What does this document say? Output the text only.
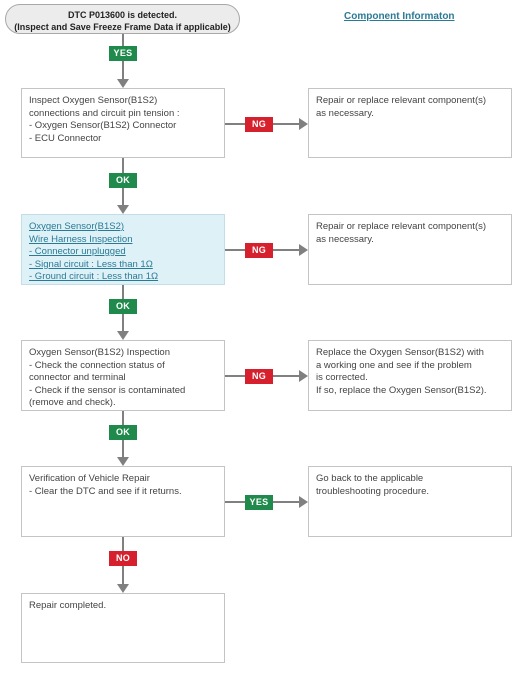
DTC P013600 is detected.
(Inspect and Save Freeze Frame Data if applicable)
Component Informaton
Inspect Oxygen Sensor(B1S2)
connections and circuit pin tension :
- Oxygen Sensor(B1S2) Connector
- ECU Connector
Oxygen Sensor(B1S2)
Wire Harness Inspection
- Connector unplugged
- Signal circuit : Less than 1Ω
- Ground circuit : Less than 1Ω
Oxygen Sensor(B1S2) Inspection
- Check the connection status of
connector and terminal
- Check if the sensor is contaminated
(remove and check).
Verification of Vehicle Repair
- Clear the DTC and see if it returns.
Repair completed.
Repair or replace relevant component(s)
as necessary.
Repair or replace relevant component(s)
as necessary.
Replace the Oxygen Sensor(B1S2) with
a working one and see if the problem
is corrected.
If so, replace the Oxygen Sensor(B1S2).
Go back to the applicable
troubleshooting procedure.
YES
OK
OK
OK
NO
NG
NG
NG
YES
